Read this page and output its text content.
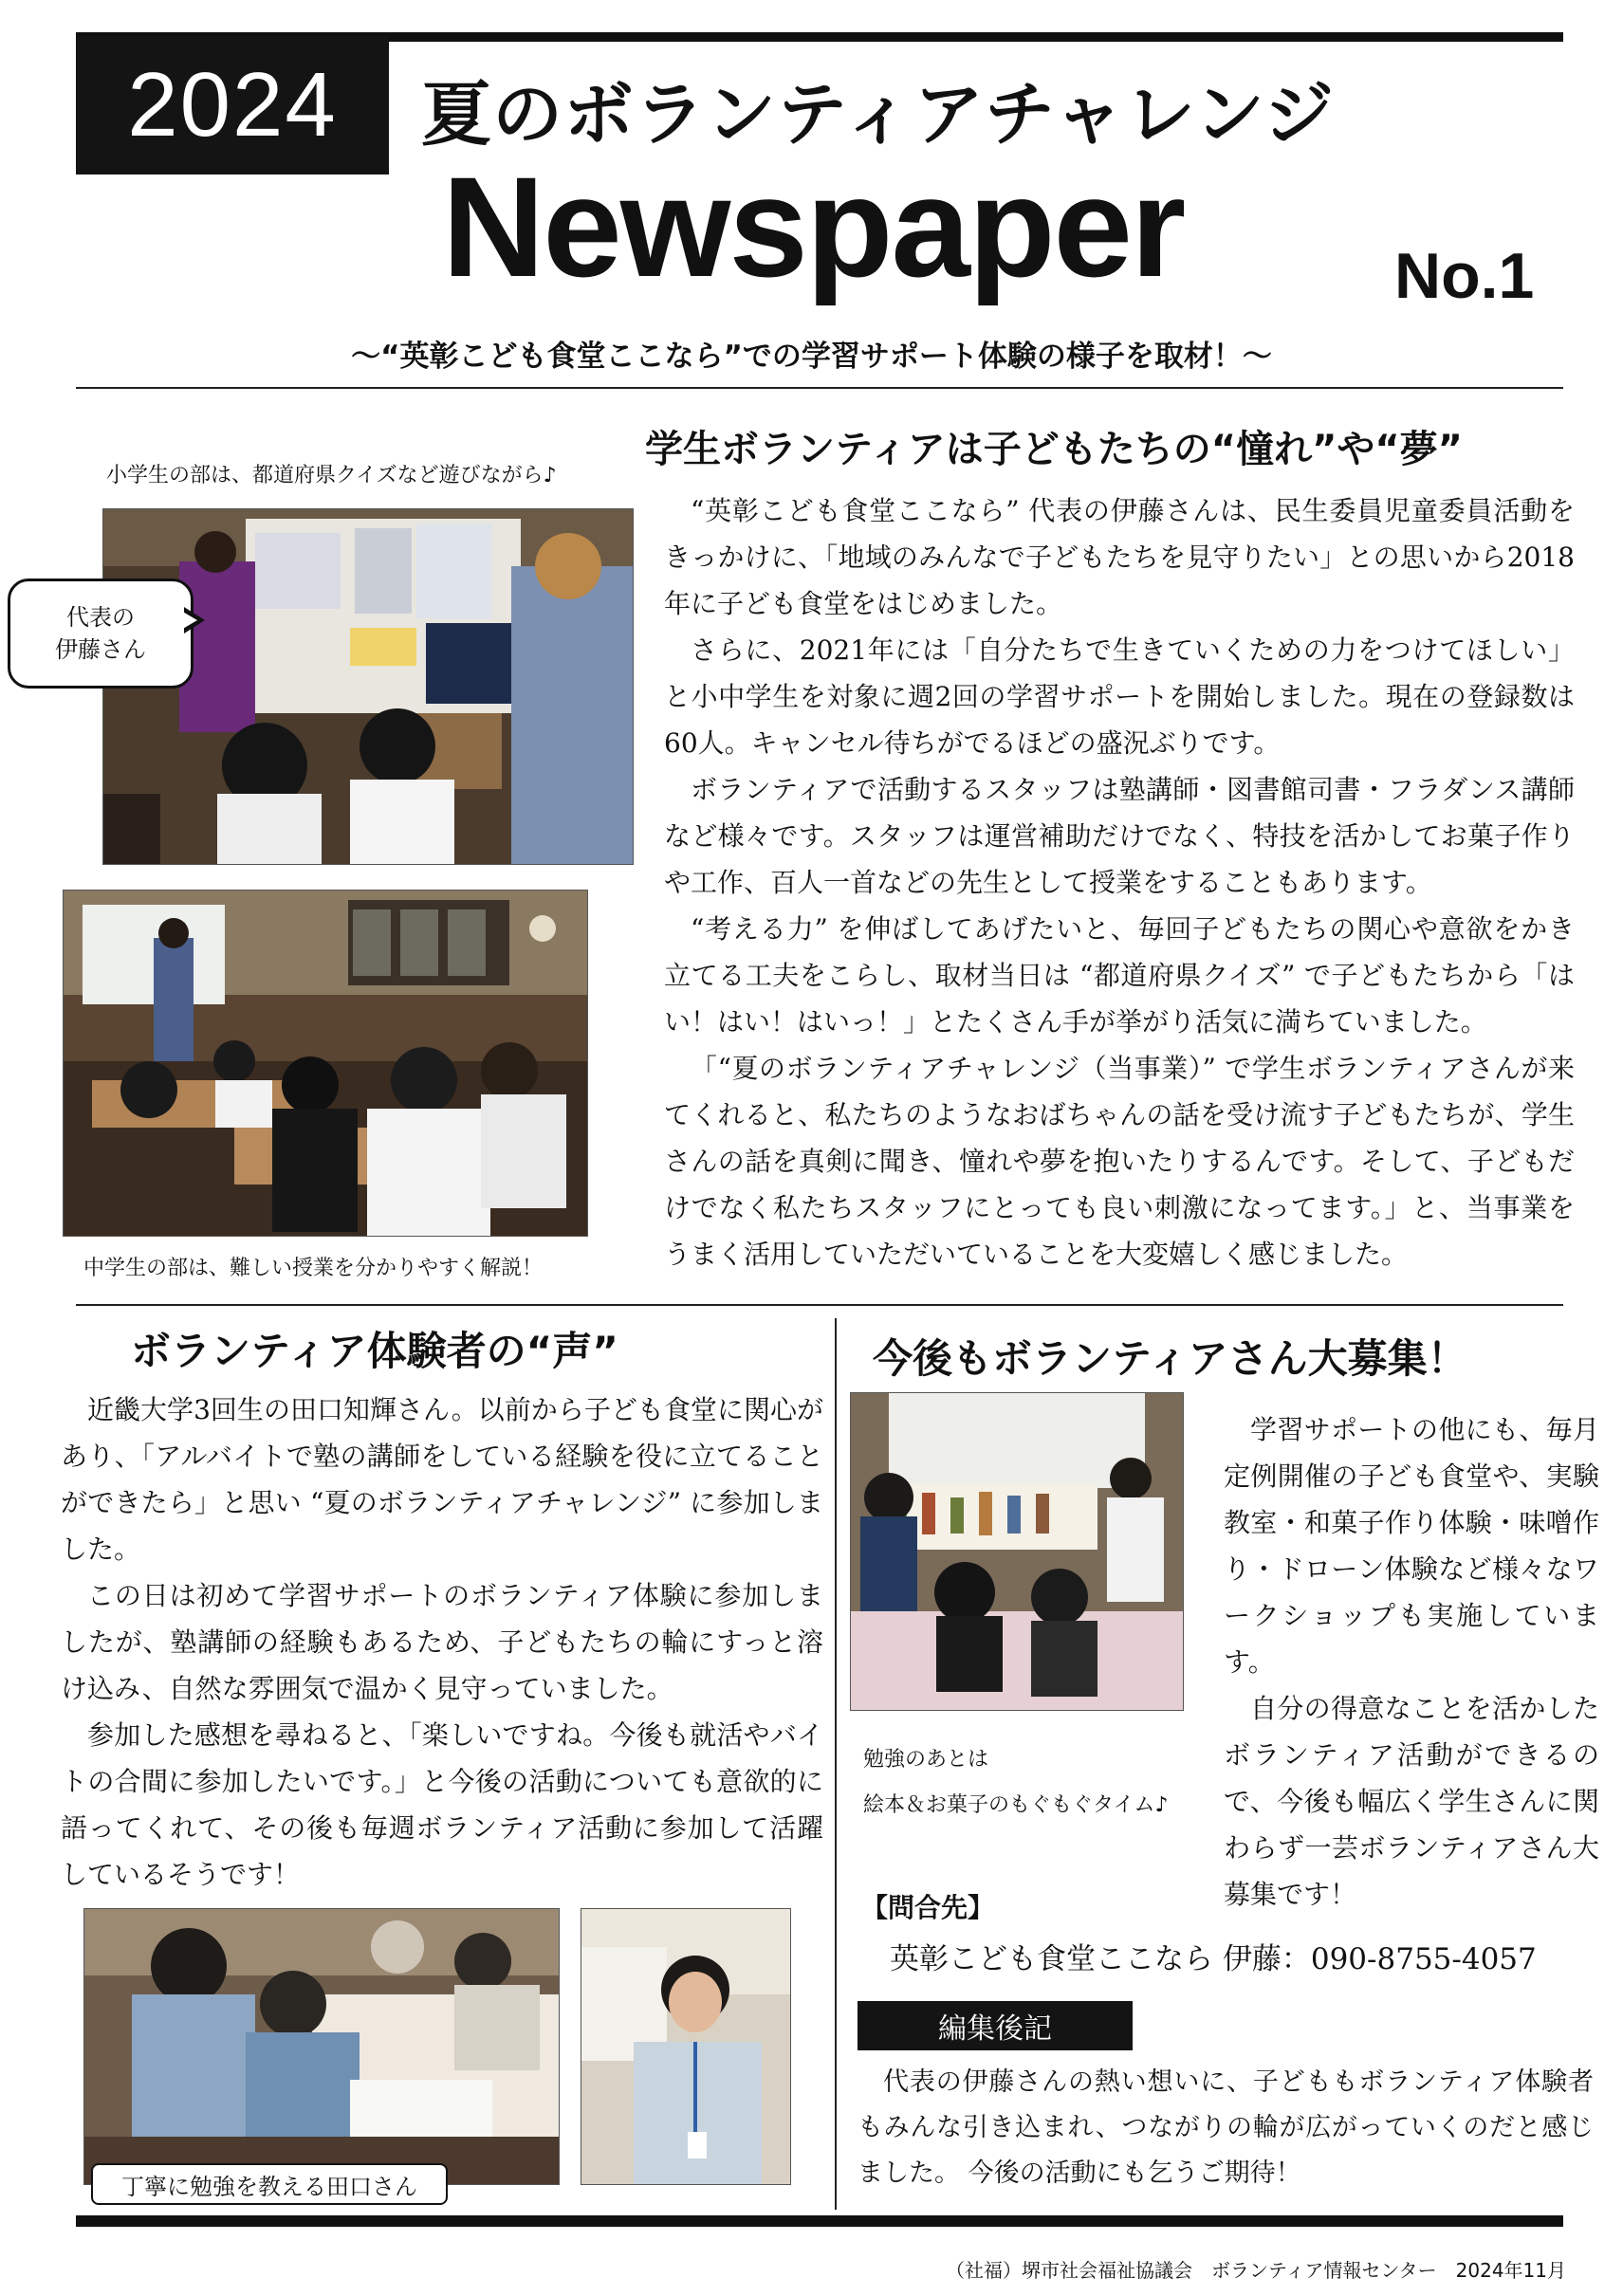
2024 夏のボランティアチャレンジ
Newspaper	No.1
～“英彰こども食堂ここなら”での学習サポート体験の様子を取材！～
小学生の部は、都道府県クイズなど遊びながら♪
代表の
伊藤さん
中学生の部は、難しい授業を分かりやすく解説！
学生ボランティアは子どもたちの“憧れ”や“夢”

“英彰こども食堂ここなら” 代表の伊藤さんは、民生委員児童委員活動をきっかけに、「地域のみんなで子どもたちを見守りたい」との思いから2018年に子ども食堂をはじめました。

さらに、2021年には「自分たちで生きていくための力をつけてほしい」と小中学生を対象に週2回の学習サポートを開始しました。現在の登録数は60人。キャンセル待ちがでるほどの盛況ぶりです。

ボランティアで活動するスタッフは塾講師・図書館司書・フラダンス講師など様々です。スタッフは運営補助だけでなく、特技を活かしてお菓子作りや工作、百人一首などの先生として授業をすることもあります。

“考える力” を伸ばしてあげたいと、毎回子どもたちの関心や意欲をかき立てる工夫をこらし、取材当日は “都道府県クイズ” で子どもたちから「はい！はい！はいっ！」とたくさん手が挙がり活気に満ちていました。

「“夏のボランティアチャレンジ（当事業）” で学生ボランティアさんが来てくれると、私たちのようなおばちゃんの話を受け流す子どもたちが、学生さんの話を真剣に聞き、憧れや夢を抱いたりするんです。そして、子どもだけでなく私たちスタッフにとっても良い刺激になってます。」と、当事業をうまく活用していただいていることを大変嬉しく感じました。

ボランティア体験者の“声”

近畿大学3回生の田口知輝さん。以前から子ども食堂に関心があり、「アルバイトで塾の講師をしている経験を役に立てることができたら」と思い “夏のボランティアチャレンジ” に参加しました。

この日は初めて学習サポートのボランティア体験に参加しましたが、塾講師の経験もあるため、子どもたちの輪にすっと溶け込み、自然な雰囲気で温かく見守っていました。

参加した感想を尋ねると、「楽しいですね。今後も就活やバイトの合間に参加したいです。」と今後の活動についても意欲的に語ってくれて、その後も毎週ボランティア活動に参加して活躍しているそうです！

丁寧に勉強を教える田口さん
今後もボランティアさん大募集！
勉強のあとは
絵本＆お菓子のもぐもぐタイム♪

学習サポートの他にも、毎月定例開催の子ども食堂や、実験教室・和菓子作り体験・味噌作り・ドローン体験など様々なワークショップも実施しています。

自分の得意なことを活かしたボランティア活動ができるので、今後も幅広く学生さんに関わらず一芸ボランティアさん大募集です！

【問合先】
英彰こども食堂ここなら 伊藤：090-8755-4057
編集後記

代表の伊藤さんの熱い想いに、子どももボランティア体験者もみんな引き込まれ、つながりの輪が広がっていくのだと感じました。 今後の活動にも乞うご期待！

（社福）堺市社会福祉協議会　ボランティア情報センター　2024年11月
